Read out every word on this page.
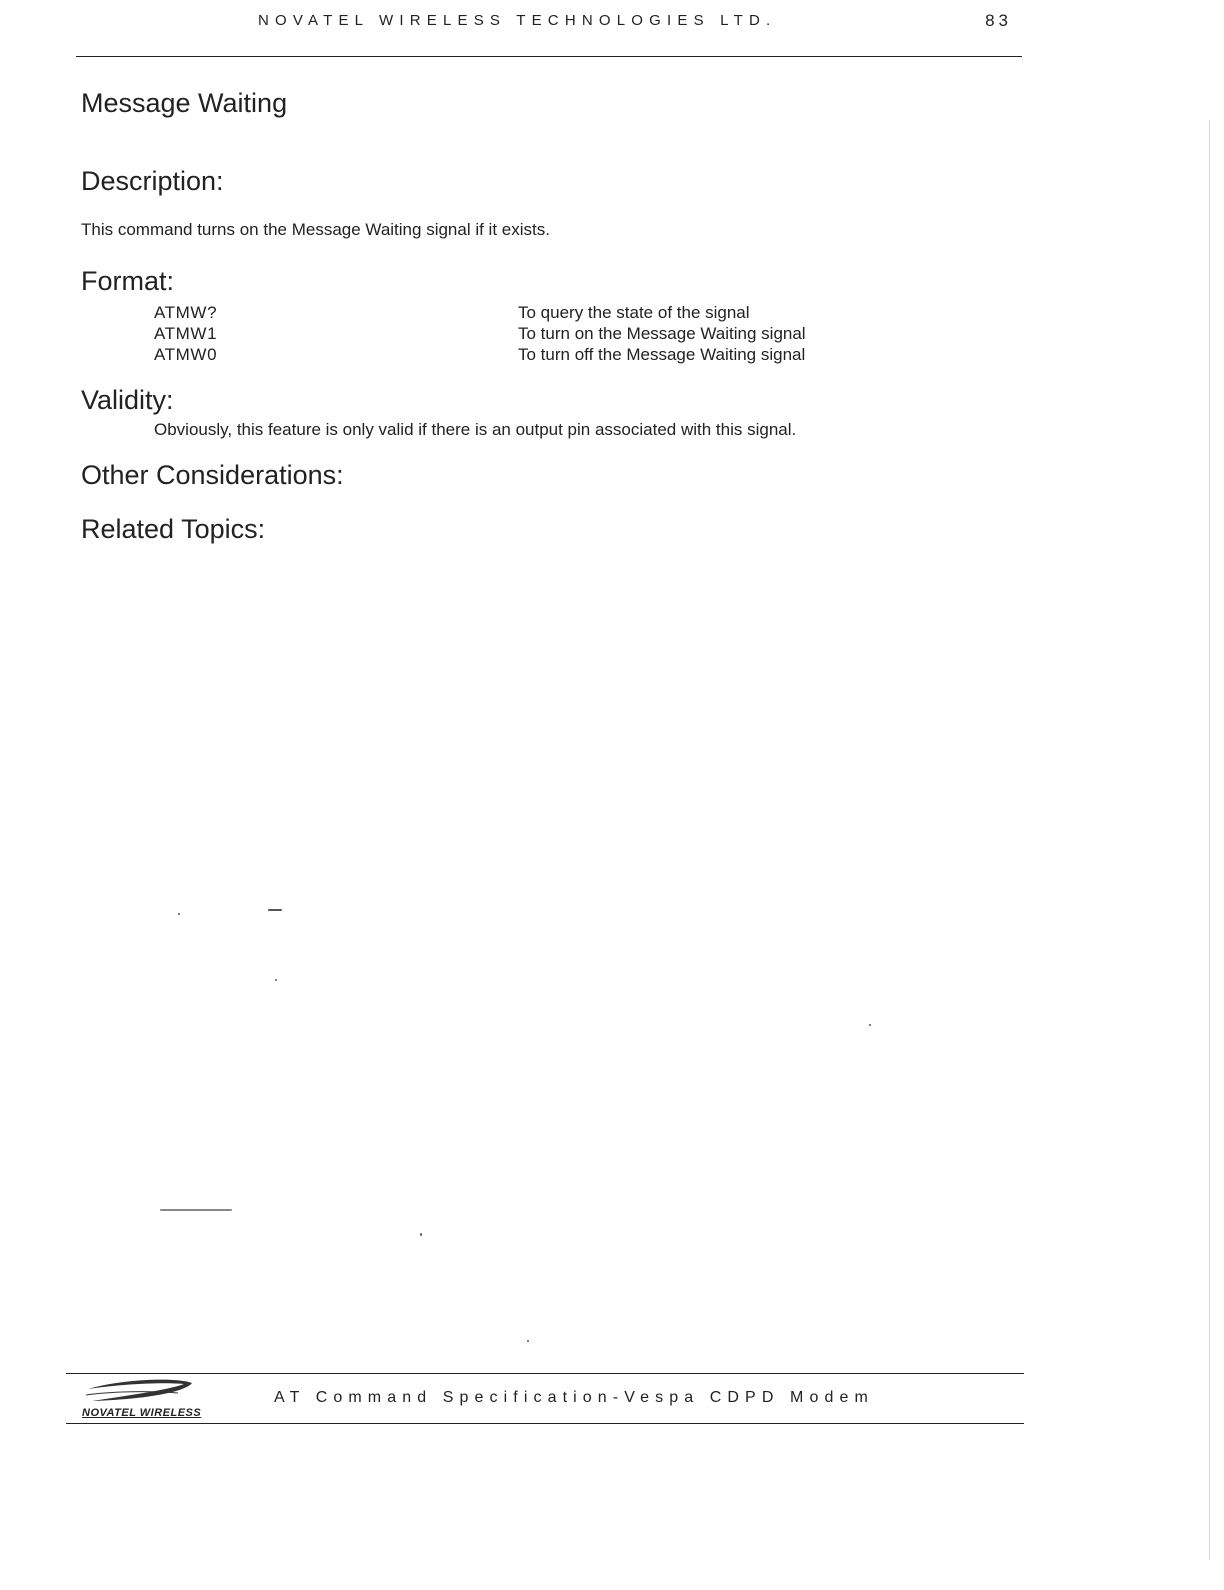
NOVATEL WIRELESS TECHNOLOGIES LTD.	83
Message Waiting
Description:
This command turns on the Message Waiting signal if it exists.
Format:
ATMW?	To query the state of the signal
ATMW1	To turn on the Message Waiting signal
ATMW0	To turn off the Message Waiting signal
Validity:
Obviously, this feature is only valid if there is an output pin associated with this signal.
Other Considerations:
Related Topics:
NOVATEL WIRELESS
AT Command Specification-Vespa CDPD Modem
